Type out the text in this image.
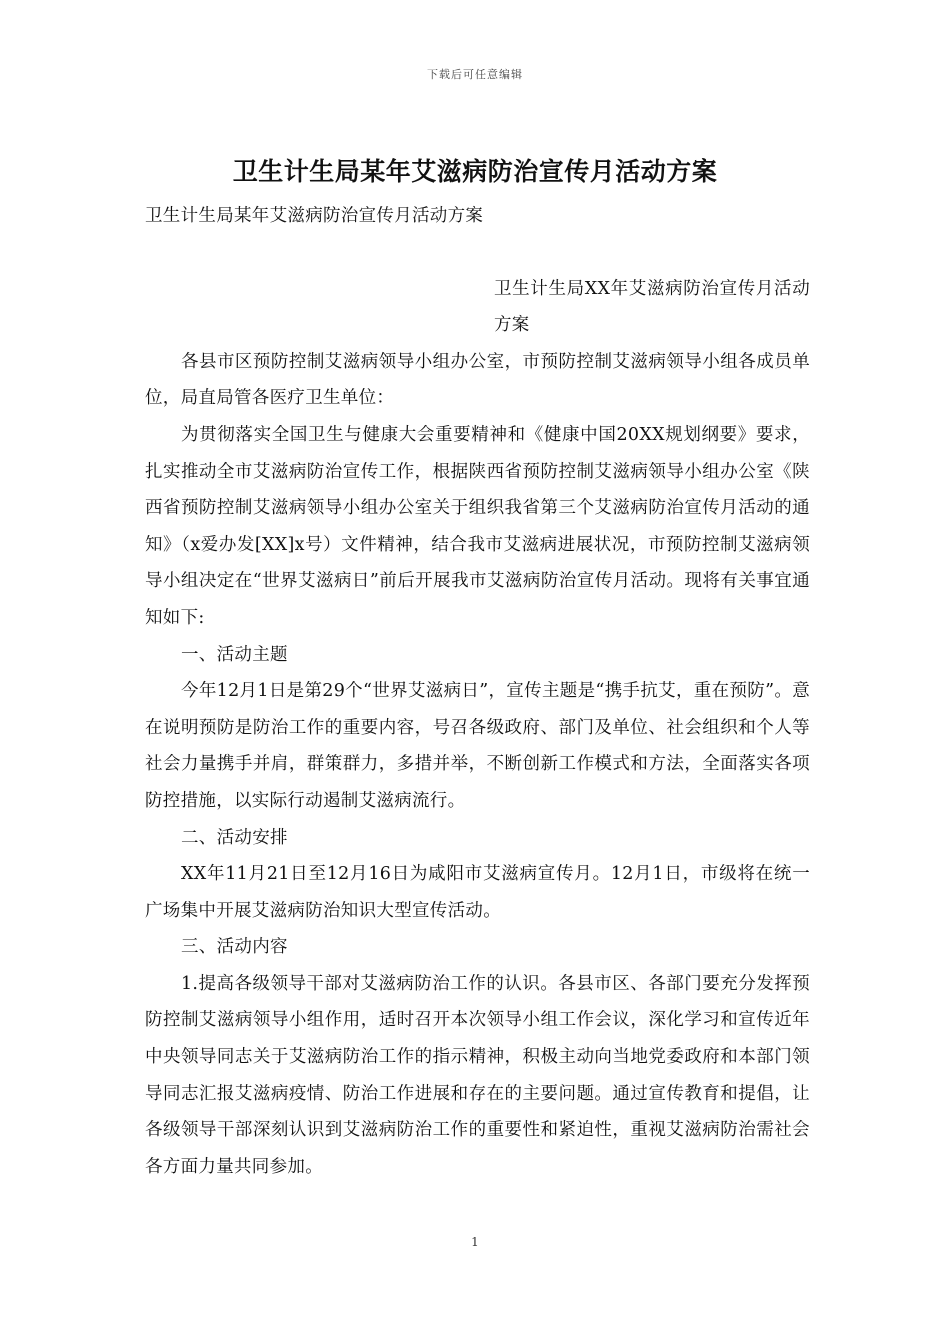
下载后可任意编辑
卫生计生局某年艾滋病防治宣传月活动方案

卫生计生局某年艾滋病防治宣传月活动方案

卫生计生局XX年艾滋病防治宣传月活动方案

各县市区预防控制艾滋病领导小组办公室，市预防控制艾滋病领导小组各成员单位，局直局管各医疗卫生单位：

为贯彻落实全国卫生与健康大会重要精神和《健康中国20XX规划纲要》要求，扎实推动全市艾滋病防治宣传工作，根据陕西省预防控制艾滋病领导小组办公室《陕西省预防控制艾滋病领导小组办公室关于组织我省第三个艾滋病防治宣传月活动的通知》（x爱办发[XX]x号）文件精神，结合我市艾滋病进展状况，市预防控制艾滋病领导小组决定在“世界艾滋病日”前后开展我市艾滋病防治宣传月活动。现将有关事宜通知如下:

一、活动主题

今年12月1日是第29个“世界艾滋病日”，宣传主题是“携手抗艾，重在预防”。意在说明预防是防治工作的重要内容，号召各级政府、部门及单位、社会组织和个人等社会力量携手并肩，群策群力，多措并举，不断创新工作模式和方法，全面落实各项防控措施，以实际行动遏制艾滋病流行。

二、活动安排

XX年11月21日至12月16日为咸阳市艾滋病宣传月。12月1日，市级将在统一广场集中开展艾滋病防治知识大型宣传活动。

三、活动内容

1.提高各级领导干部对艾滋病防治工作的认识。各县市区、各部门要充分发挥预防控制艾滋病领导小组作用，适时召开本次领导小组工作会议，深化学习和宣传近年中央领导同志关于艾滋病防治工作的指示精神，积极主动向当地党委政府和本部门领导同志汇报艾滋病疫情、防治工作进展和存在的主要问题。通过宣传教育和提倡，让各级领导干部深刻认识到艾滋病防治工作的重要性和紧迫性，重视艾滋病防治需社会各方面力量共同参加。

1
